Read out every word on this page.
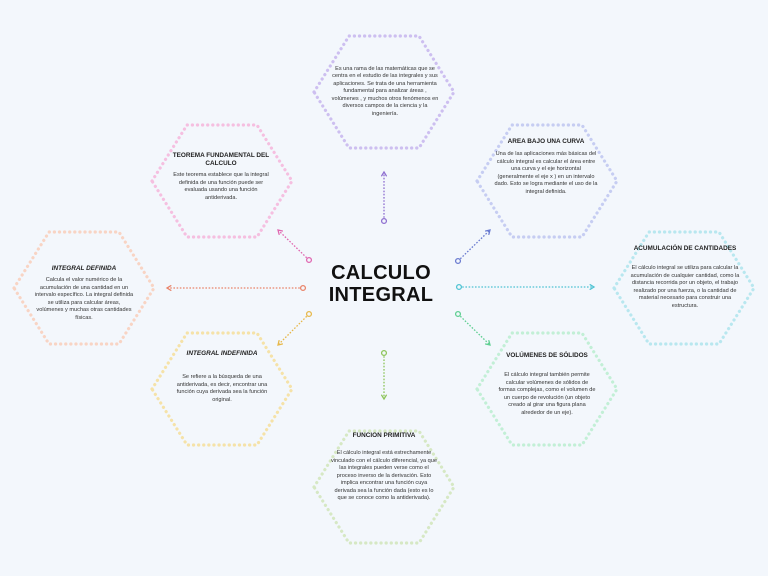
CALCULO
INTEGRAL
Es una rama de las matemáticas que se centra en el estudio de las integrales y sus aplicaciones. Se trata de una herramienta fundamental para analizar áreas , volúmenes , y muchos otros fenómenos en diversos campos de la ciencia y la ingeniería.
AREA BAJO UNA CURVA
Una de las aplicaciones más básicas del cálculo integral es calcular el área entre una curva y el eje horizontal (generalmente el eje x ) en un intervalo dado. Esto se logra mediante el uso de la integral definida.
ACUMULACIÓN DE CANTIDADES
El cálculo integral se utiliza para calcular la acumulación de cualquier cantidad, como la distancia recorrida por un objeto, el trabajo realizado por una fuerza, o la cantidad de material necesario para construir una estructura.
VOLÚMENES DE SÓLIDOS
El cálculo integral también permite calcular volúmenes de sólidos de formas complejas, como el volumen de un cuerpo de revolución (un objeto creado al girar una figura plana alrededor de un eje).
FUNCION PRIMITIVA
El cálculo integral está estrechamente vinculado con el cálculo diferencial, ya que las integrales pueden verse como el proceso inverso de la derivación. Esto implica encontrar una función cuya derivada sea la función dada (esto es lo que se conoce como la antiderivada).
INTEGRAL INDEFINIDA
Se refiere a la búsqueda de una antiderivada, es decir, encontrar una función cuya derivada sea la función original.
INTEGRAL DEFINIDA
Calcula el valor numérico de la acumulación de una cantidad en un intervalo específico. La integral definida se utiliza para calcular áreas, volúmenes y muchas otras cantidades físicas.
TEOREMA FUNDAMENTAL DEL CALCULO
Este teorema establece que la integral definida de una función puede ser evaluada usando una función antiderivada.
